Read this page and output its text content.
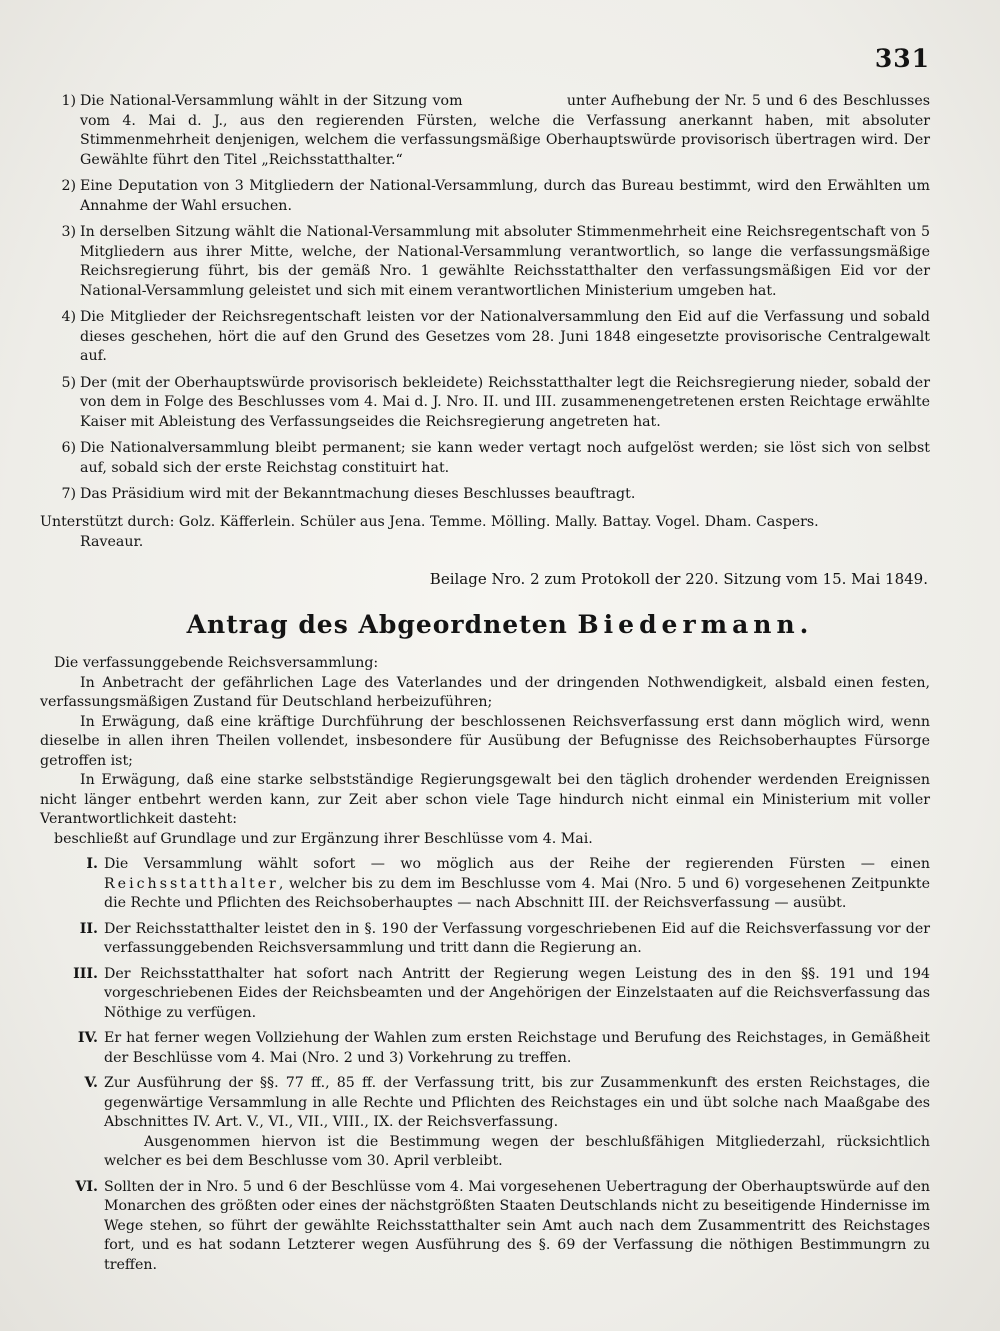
331

1) Die National-Versammlung wählt in der Sitzung vom                    unter Aufhebung der Nr. 5 und 6 des Beschlusses vom 4. Mai d. J., aus den regierenden Fürsten, welche die Verfassung anerkannt haben, mit absoluter Stimmenmehrheit denjenigen, welchem die verfassungsmäßige Oberhauptswürde provisorisch übertragen wird. Der Gewählte führt den Titel „Reichsstatthalter.“

2) Eine Deputation von 3 Mitgliedern der National-Versammlung, durch das Bureau bestimmt, wird den Erwählten um Annahme der Wahl ersuchen.

3) In derselben Sitzung wählt die National-Versammlung mit absoluter Stimmenmehrheit eine Reichsregentschaft von 5 Mitgliedern aus ihrer Mitte, welche, der National-Versammlung verantwortlich, so lange die verfassungsmäßige Reichsregierung führt, bis der gemäß Nro. 1 gewählte Reichsstatthalter den verfassungsmäßigen Eid vor der National-Versammlung geleistet und sich mit einem verantwortlichen Ministerium umgeben hat.

4) Die Mitglieder der Reichsregentschaft leisten vor der Nationalversammlung den Eid auf die Verfassung und sobald dieses geschehen, hört die auf den Grund des Gesetzes vom 28. Juni 1848 eingesetzte provisorische Centralgewalt auf.

5) Der (mit der Oberhauptswürde provisorisch bekleidete) Reichsstatthalter legt die Reichsregierung nieder, sobald der von dem in Folge des Beschlusses vom 4. Mai d. J. Nro. II. und III. zusammenengetretenen ersten Reichtage erwählte Kaiser mit Ableistung des Verfassungseides die Reichsregierung angetreten hat.

6) Die Nationalversammlung bleibt permanent; sie kann weder vertagt noch aufgelöst werden; sie löst sich von selbst auf, sobald sich der erste Reichstag constituirt hat.

7) Das Präsidium wird mit der Bekanntmachung dieses Beschlusses beauftragt.

Unterstützt durch: Golz. Käfferlein. Schüler aus Jena. Temme. Mölling. Mally. Battay. Vogel. Dham. Caspers.
Raveaur.

Beilage Nro. 2 zum Protokoll der 220. Sitzung vom 15. Mai 1849.

Antrag des Abgeordneten Biedermann.

Die verfassunggebende Reichsversammlung:

In Anbetracht der gefährlichen Lage des Vaterlandes und der dringenden Nothwendigkeit, alsbald einen festen, verfassungsmäßigen Zustand für Deutschland herbeizuführen;

In Erwägung, daß eine kräftige Durchführung der beschlossenen Reichsverfassung erst dann möglich wird, wenn dieselbe in allen ihren Theilen vollendet, insbesondere für Ausübung der Befugnisse des Reichsoberhauptes Fürsorge getroffen ist;

In Erwägung, daß eine starke selbstständige Regierungsgewalt bei den täglich drohender werdenden Ereignissen nicht länger entbehrt werden kann, zur Zeit aber schon viele Tage hindurch nicht einmal ein Ministerium mit voller Verantwortlichkeit dasteht:

beschließt auf Grundlage und zur Ergänzung ihrer Beschlüsse vom 4. Mai.

I. Die Versammlung wählt sofort — wo möglich aus der Reihe der regierenden Fürsten — einen Reichsstatthalter, welcher bis zu dem im Beschlusse vom 4. Mai (Nro. 5 und 6) vorgesehenen Zeitpunkte die Rechte und Pflichten des Reichsoberhauptes — nach Abschnitt III. der Reichsverfassung — ausübt.

II. Der Reichsstatthalter leistet den in §. 190 der Verfassung vorgeschriebenen Eid auf die Reichsverfassung vor der verfassunggebenden Reichsversammlung und tritt dann die Regierung an.

III. Der Reichsstatthalter hat sofort nach Antritt der Regierung wegen Leistung des in den §§. 191 und 194 vorgeschriebenen Eides der Reichsbeamten und der Angehörigen der Einzelstaaten auf die Reichsverfassung das Nöthige zu verfügen.

IV. Er hat ferner wegen Vollziehung der Wahlen zum ersten Reichstage und Berufung des Reichstages, in Gemäßheit der Beschlüsse vom 4. Mai (Nro. 2 und 3) Vorkehrung zu treffen.

V. Zur Ausführung der §§. 77 ff., 85 ff. der Verfassung tritt, bis zur Zusammenkunft des ersten Reichstages, die gegenwärtige Versammlung in alle Rechte und Pflichten des Reichstages ein und übt solche nach Maaßgabe des Abschnittes IV. Art. V., VI., VII., VIII., IX. der Reichsverfassung.

Ausgenommen hiervon ist die Bestimmung wegen der beschlußfähigen Mitgliederzahl, rücksichtlich welcher es bei dem Beschlusse vom 30. April verbleibt.

VI. Sollten der in Nro. 5 und 6 der Beschlüsse vom 4. Mai vorgesehenen Uebertragung der Oberhauptswürde auf den Monarchen des größten oder eines der nächstgrößten Staaten Deutschlands nicht zu beseitigende Hindernisse im Wege stehen, so führt der gewählte Reichsstatthalter sein Amt auch nach dem Zusammentritt des Reichstages fort, und es hat sodann Letzterer wegen Ausführung des §. 69 der Verfassung die nöthigen Bestimmungrn zu treffen.
